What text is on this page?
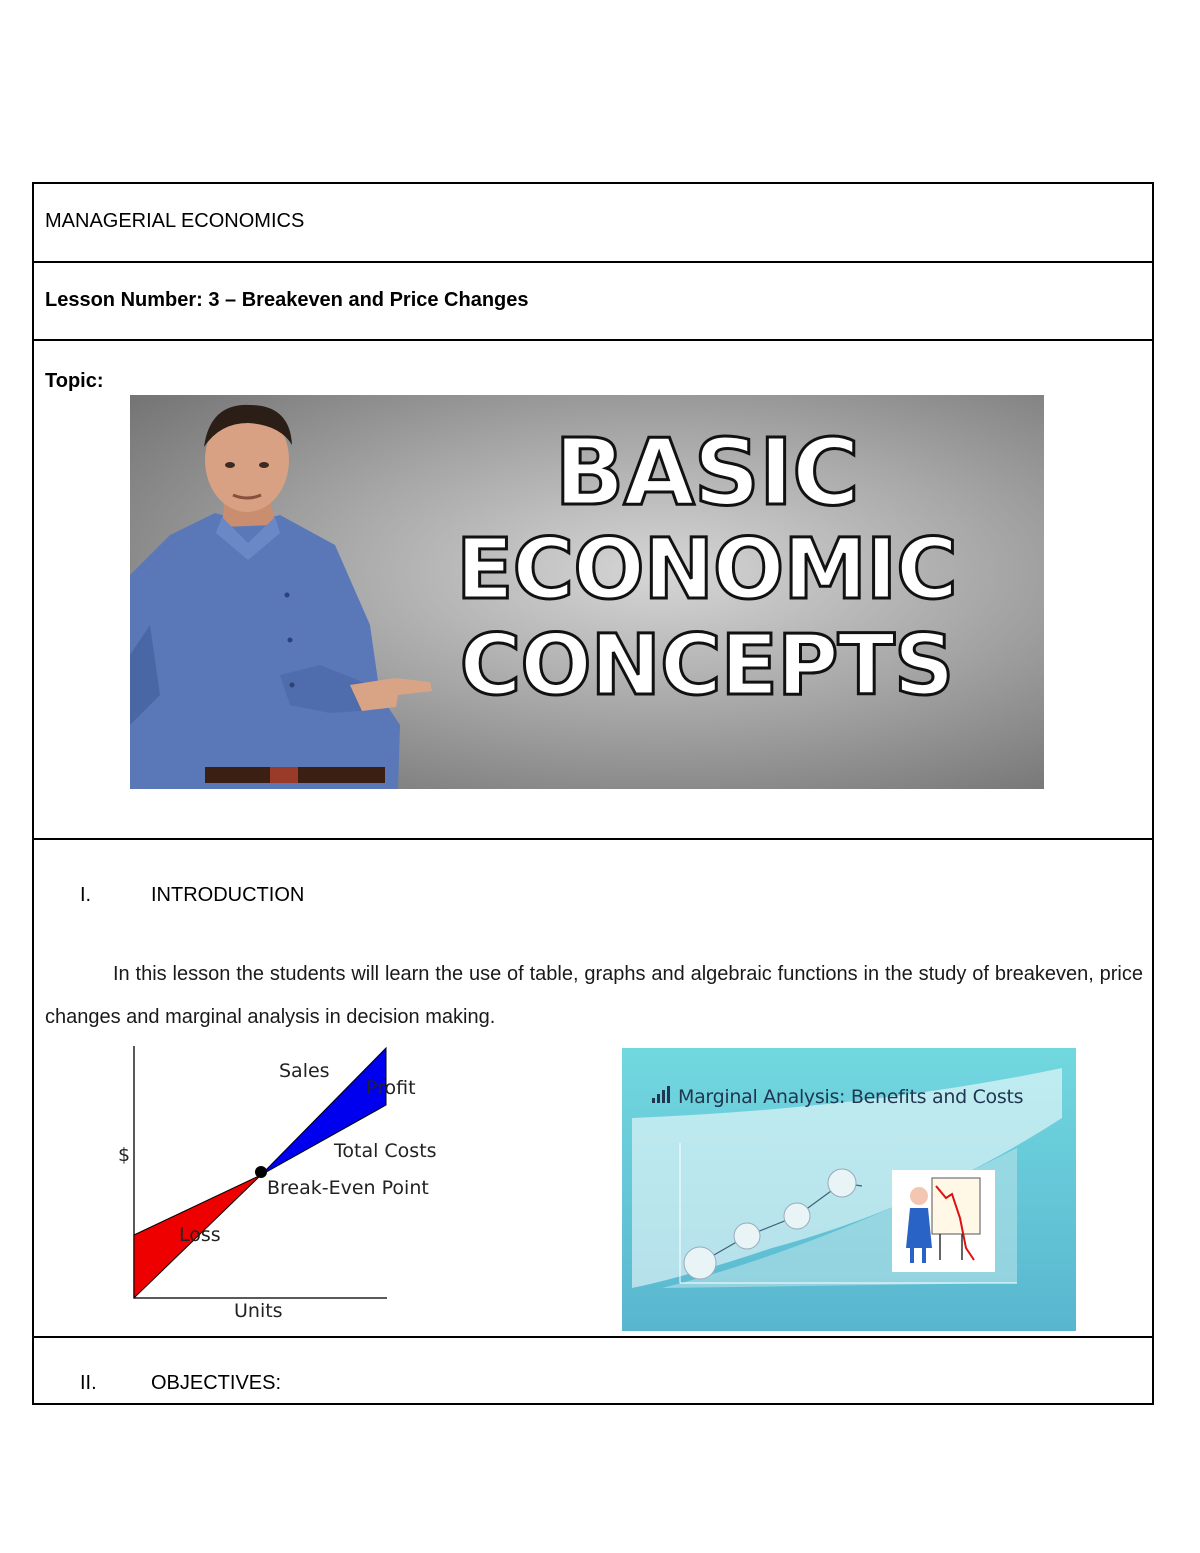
MANAGERIAL ECONOMICS
Lesson Number: 3 – Breakeven and Price Changes
Topic:
BASIC
ECONOMIC
CONCEPTS
I.	INTRODUCTION
In this lesson the students will learn the use of table, graphs and algebraic functions in the study of breakeven, price changes and marginal analysis in decision making.
$
Units
Sales
Profit
Total Costs
Break-Even Point
Loss
Marginal Analysis: Benefits and Costs
II.	OBJECTIVES:
